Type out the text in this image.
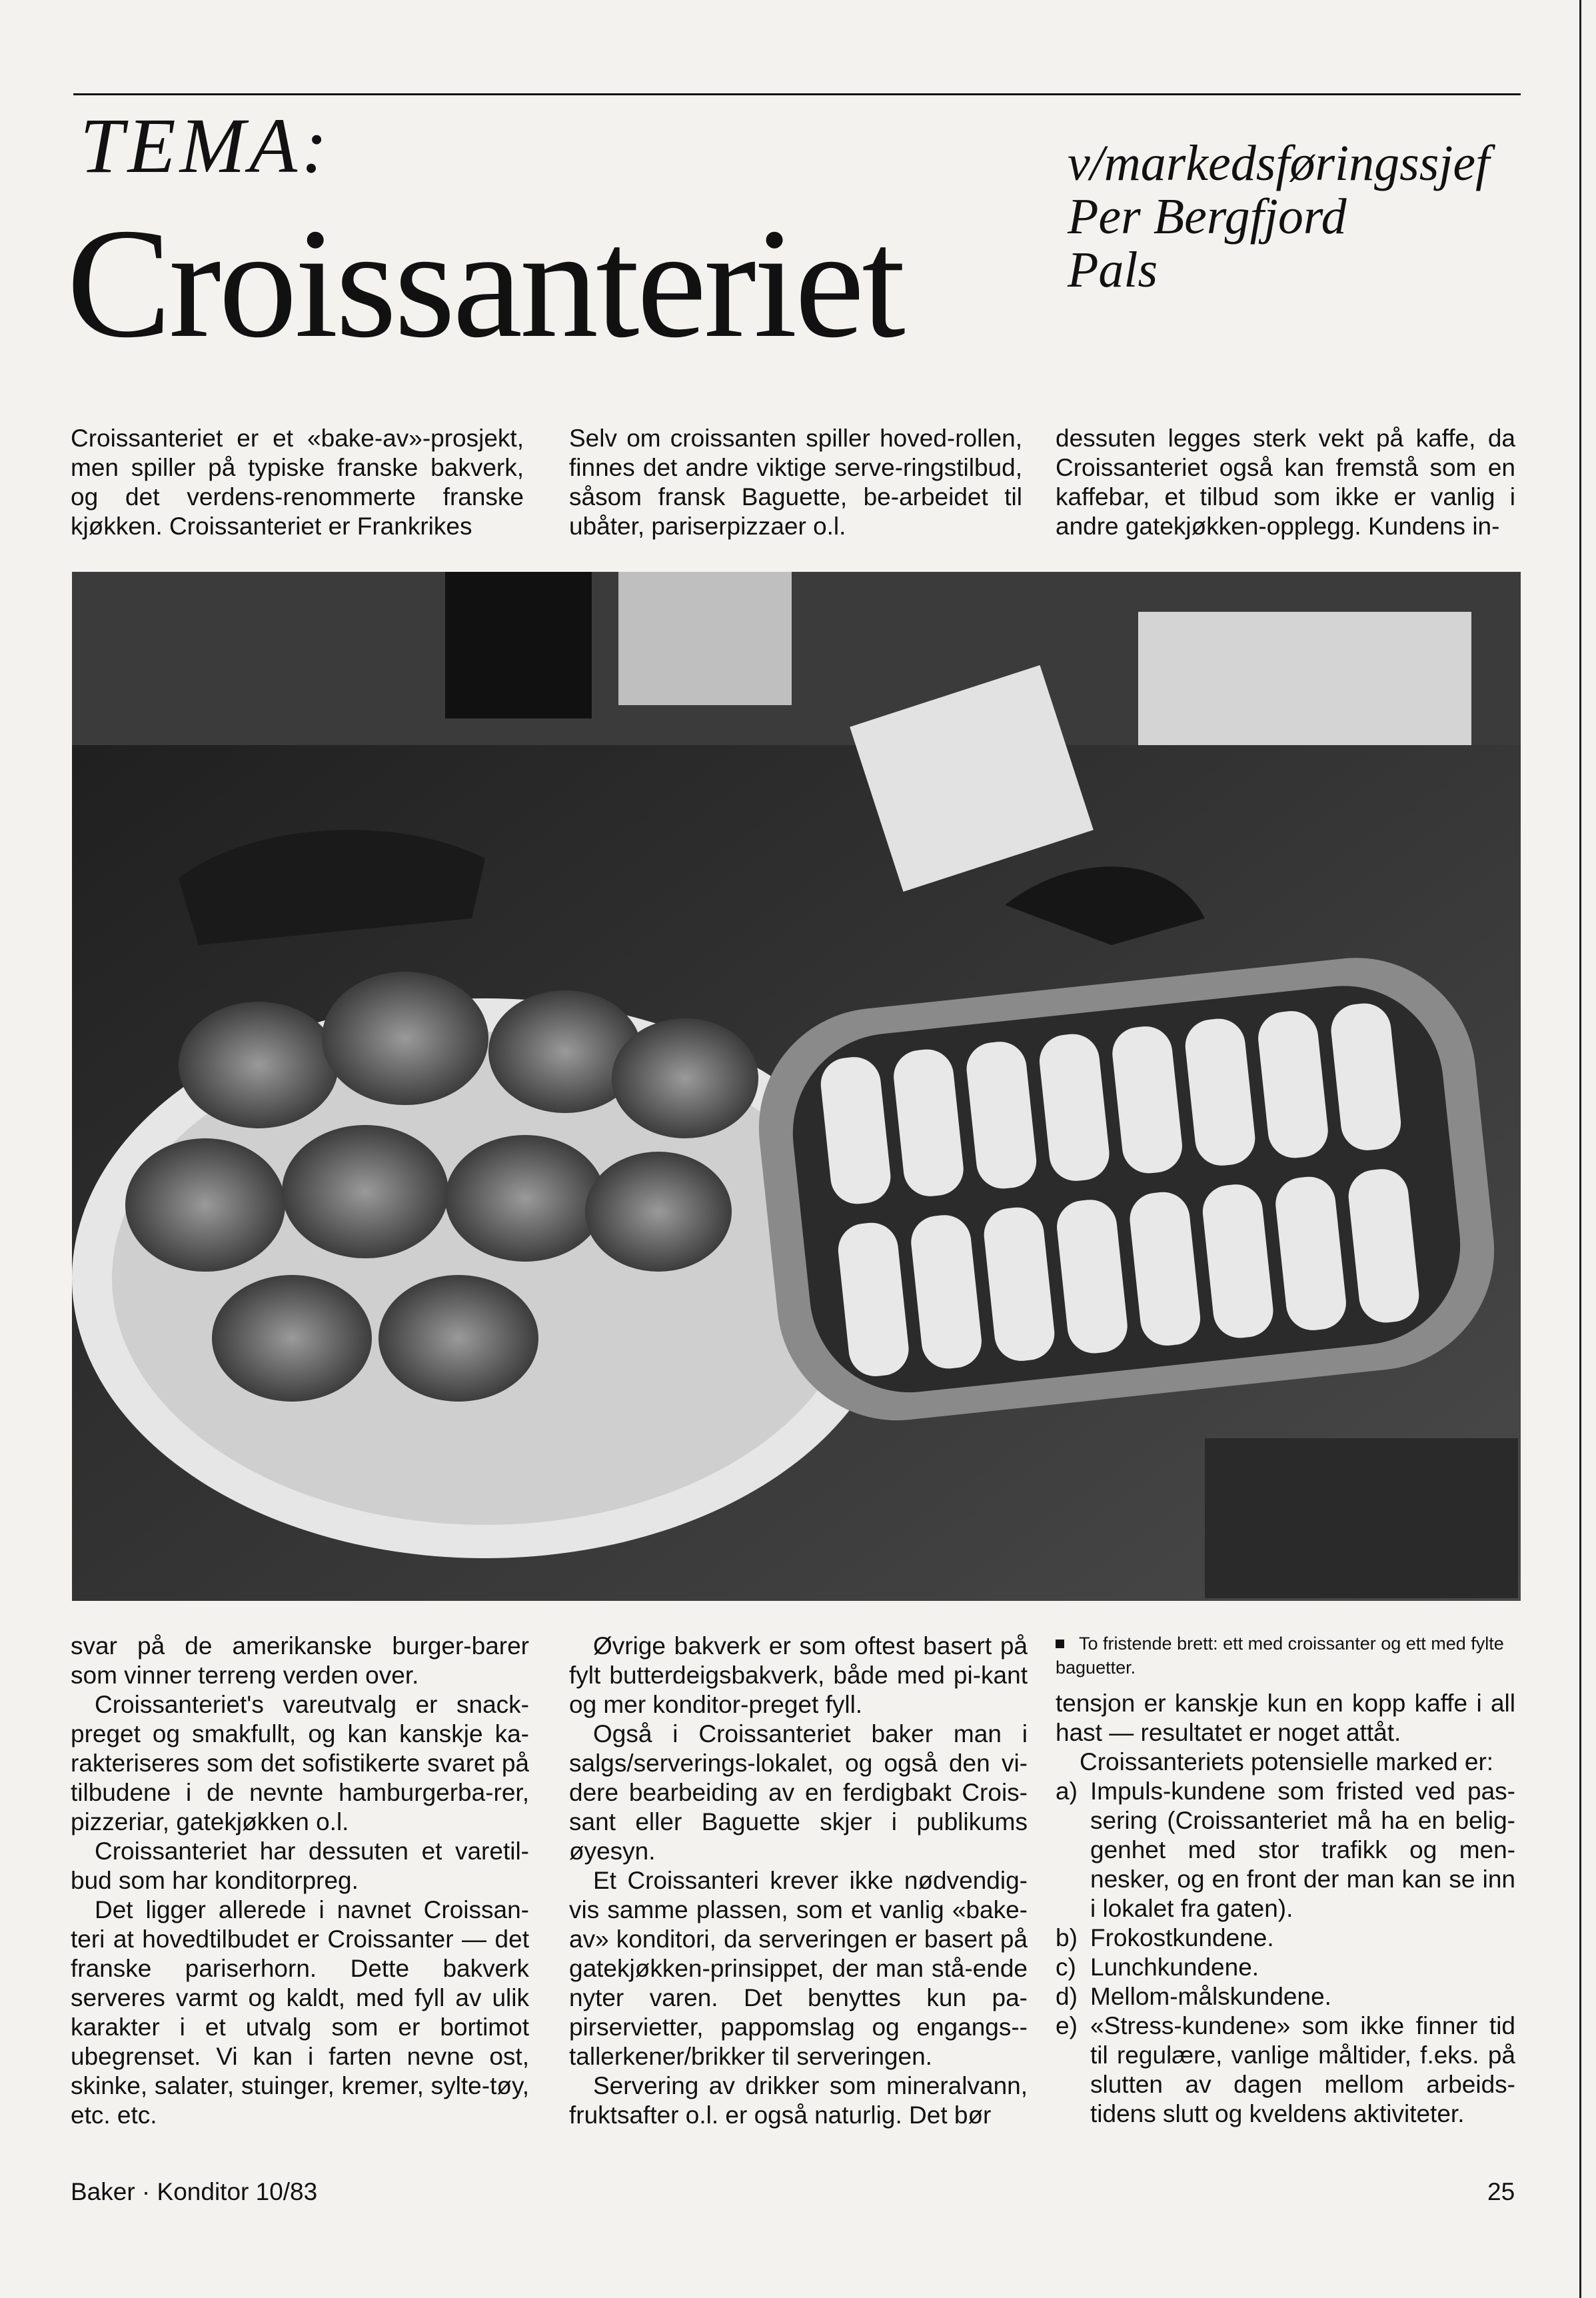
TEMA:
Croissanteriet
v/markedsføringssjef
Per Bergfjord
Pals

Croissanteriet er et «bake-av»-prosjekt, men spiller på typiske franske bakverk, og det verdens-renommerte franske kjøkken. Croissanteriet er Frankrikes

Selv om croissanten spiller hoved-rollen, finnes det andre viktige serve-ringstilbud, såsom fransk Baguette, be-arbeidet til ubåter, pariserpizzaer o.l.

dessuten legges sterk vekt på kaffe, da Croissanteriet også kan fremstå som en kaffebar, et tilbud som ikke er vanlig i andre gatekjøkken-opplegg. Kundens in-

svar på de amerikanske burger-barer som vinner terreng verden over.

Croissanteriet's vareutvalg er snack-preget og smakfullt, og kan kanskje ka-rakteriseres som det sofistikerte svaret på tilbudene i de nevnte hamburgerba-rer, pizzeriar, gatekjøkken o.l.

Croissanteriet har dessuten et varetil-bud som har konditorpreg.

Det ligger allerede i navnet Croissan-teri at hovedtilbudet er Croissanter — det franske pariserhorn. Dette bakverk serveres varmt og kaldt, med fyll av ulik karakter i et utvalg som er bortimot ubegrenset. Vi kan i farten nevne ost, skinke, salater, stuinger, kremer, sylte-tøy, etc. etc.

Øvrige bakverk er som oftest basert på fylt butterdeigsbakverk, både med pi-kant og mer konditor-preget fyll.

Også i Croissanteriet baker man i salgs/serverings-lokalet, og også den vi-dere bearbeiding av en ferdigbakt Crois-sant eller Baguette skjer i publikums øyesyn.

Et Croissanteri krever ikke nødvendig-vis samme plassen, som et vanlig «bake-av» konditori, da serveringen er basert på gatekjøkken-prinsippet, der man stå-ende nyter varen. Det benyttes kun pa-pirservietter, pappomslag og engangs--tallerkener/brikker til serveringen.

Servering av drikker som mineralvann, fruktsafter o.l. er også naturlig. Det bør

To fristende brett: ett med croissanter og ett med fylte baguetter.

tensjon er kanskje kun en kopp kaffe i all hast — resultatet er noget attåt.

Croissanteriets potensielle marked er:

a) Impuls-kundene som fristed ved pas-sering (Croissanteriet må ha en belig-genhet med stor trafikk og men-nesker, og en front der man kan se inn i lokalet fra gaten).
b) Frokostkundene.
c) Lunchkundene.
d) Mellom-målskundene.
e) «Stress-kundene» som ikke finner tid til regulære, vanlige måltider, f.eks. på slutten av dagen mellom arbeids-tidens slutt og kveldens aktiviteter.
Baker · Konditor 10/83	25
